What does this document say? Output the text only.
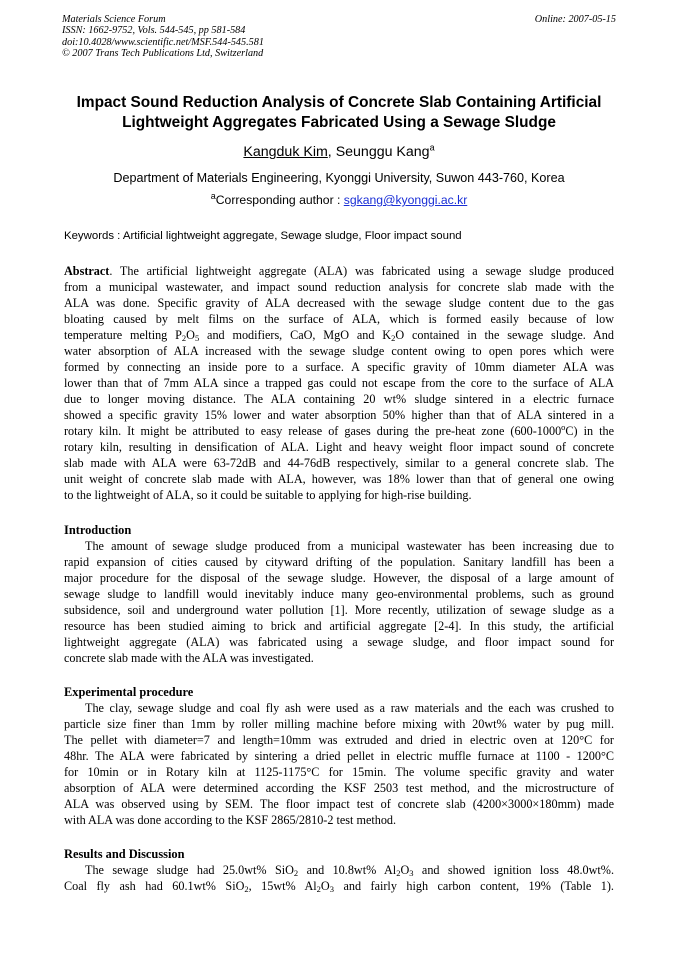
Materials Science Forum
ISSN: 1662-9752, Vols. 544-545, pp 581-584
doi:10.4028/www.scientific.net/MSF.544-545.581
© 2007 Trans Tech Publications Ltd, Switzerland
Online: 2007-05-15
Impact Sound Reduction Analysis of Concrete Slab Containing Artificial
Lightweight Aggregates Fabricated Using a Sewage Sludge
Kangduk Kim, Seunggu Kang$^a$
Department of Materials Engineering, Kyonggi University, Suwon 443-760, Korea
$^a$Corresponding author : sgkang@kyonggi.ac.kr
Keywords : Artificial lightweight aggregate, Sewage sludge, Floor impact sound
Abstract. The artificial lightweight aggregate (ALA) was fabricated using a sewage sludge produced
from a municipal wastewater, and impact sound reduction analysis for concrete slab made with the
ALA was done. Specific gravity of ALA decreased with the sewage sludge content due to the gas
bloating caused by melt films on the surface of ALA, which is formed easily because of low
temperature melting $P_2O_5$ and modifiers, CaO, MgO and $K_2O$ contained in the sewage sludge. And
water absorption of ALA increased with the sewage sludge content owing to open pores which were
formed by connecting an inside pore to a surface. A specific gravity of 10mm diameter ALA was
lower than that of 7mm ALA since a trapped gas could not escape from the core to the surface of ALA
due to longer moving distance. The ALA containing 20 wt% sludge sintered in a electric furnace
showed a specific gravity 15% lower and water absorption 50% higher than that of ALA sintered in a
rotary kiln. It might be attributed to easy release of gases during the pre-heat zone (600-1000$^o$C) in the
rotary kiln, resulting in densification of ALA. Light and heavy weight floor impact sound of concrete
slab made with ALA were 63-72dB and 44-76dB respectively, similar to a general concrete slab. The
unit weight of concrete slab made with ALA, however, was 18% lower than that of general one owing
to the lightweight of ALA, so it could be suitable to applying for high-rise building.
Introduction
The amount of sewage sludge produced from a municipal wastewater has been increasing due to
rapid expansion of cities caused by cityward drifting of the population. Sanitary landfill has been a
major procedure for the disposal of the sewage sludge. However, the disposal of a large amount of
sewage sludge to landfill would inevitably induce many geo-environmental problems, such as ground
subsidence, soil and underground water pollution [1]. More recently, utilization of sewage sludge as a
resource has been studied aiming to brick and artificial aggregate [2-4]. In this study, the artificial
lightweight aggregate (ALA) was fabricated using a sewage sludge, and floor impact sound for
concrete slab made with the ALA was investigated.
Experimental procedure
The clay, sewage sludge and coal fly ash were used as a raw materials and the each was crushed to
particle size finer than 1mm by roller milling machine before mixing with 20wt% water by pug mill.
The pellet with diameter=7 and length=10mm was extruded and dried in electric oven at 120°C for
48hr. The ALA were fabricated by sintering a dried pellet in electric muffle furnace at 1100 - 1200°C
for 10min or in Rotary kiln at 1125-1175°C for 15min. The volume specific gravity and water
absorption of ALA were determined according the KSF 2503 test method, and the microstructure of
ALA was observed using by SEM. The floor impact test of concrete slab (4200×3000×180mm) made
with ALA was done according to the KSF 2865/2810-2 test method.
Results and Discussion
The sewage sludge had 25.0wt% SiO$_2$ and 10.8wt% $Al_2O_3$ and showed ignition loss 48.0wt%.
Coal fly ash had 60.1wt% SiO$_2$, 15wt% $Al_2O_3$ and fairly high carbon content, 19% (Table 1).
